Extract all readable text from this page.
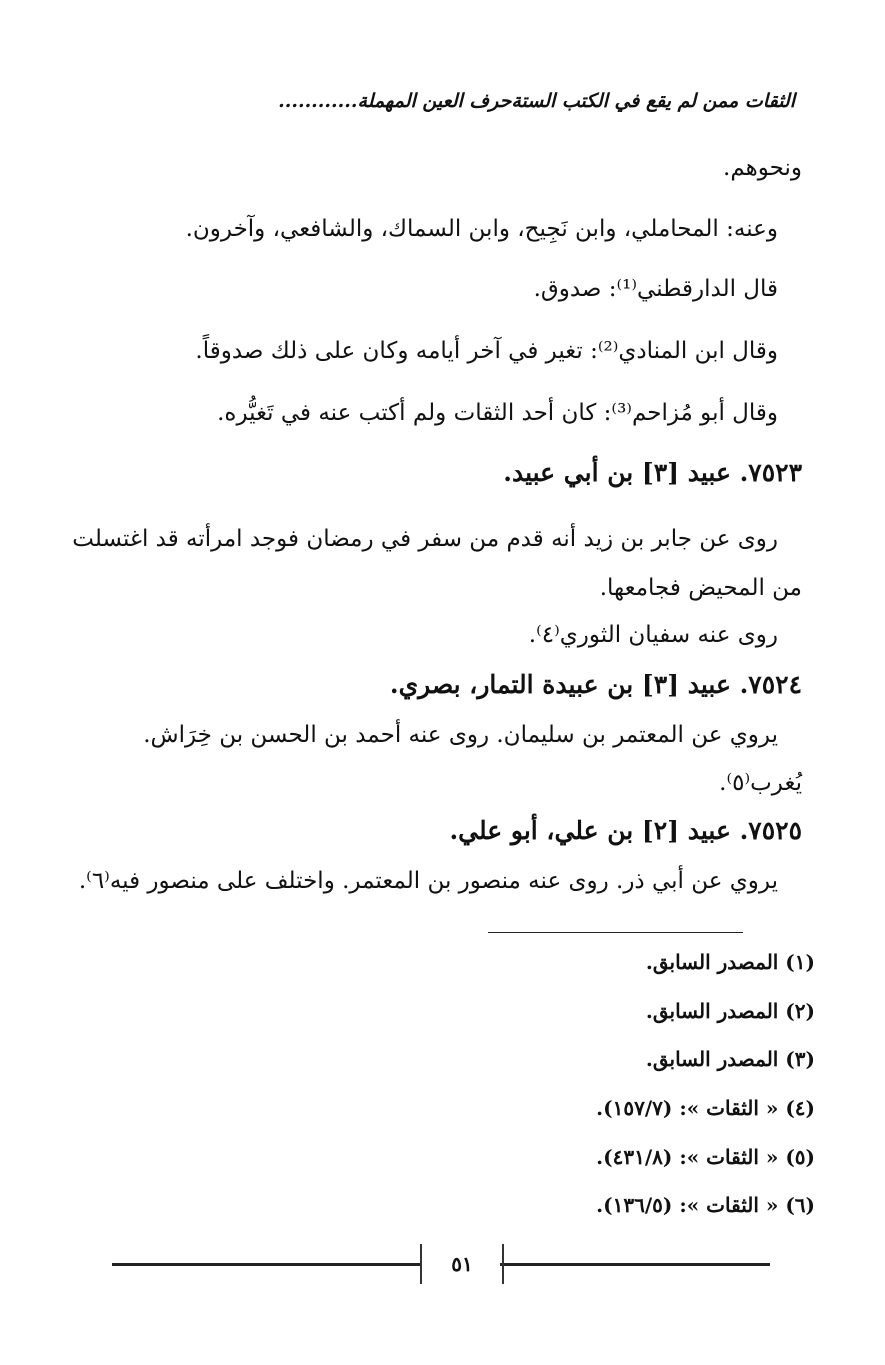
الثقات ممن لم يقع في الكتب الستةحرف العين المهملة............
ونحوهم.
وعنه: المحاملي، وابن نَجِيح، وابن السماك، والشافعي، وآخرون.
قال الدارقطني⁽¹⁾: صدوق.
وقال ابن المنادي⁽²⁾: تغير في آخر أيامه وكان على ذلك صدوقاً.
وقال أبو مُزاحم⁽³⁾: كان أحد الثقات ولم أكتب عنه في تَغيُّره.
٧٥٢٣. عبيد [٣] بن أبي عبيد.
روى عن جابر بن زيد أنه قدم من سفر في رمضان فوجد امرأته قد اغتسلت
من المحيض فجامعها.
روى عنه سفيان الثوري⁽٤⁾.
٧٥٢٤. عبيد [٣] بن عبيدة التمار، بصري.
يروي عن المعتمر بن سليمان. روى عنه أحمد بن الحسن بن خِرَاش.
يُغرب⁽٥⁾.
٧٥٢٥. عبيد [٢] بن علي، أبو علي.
يروي عن أبي ذر. روى عنه منصور بن المعتمر. واختلف على منصور فيه⁽٦⁾.
(١) المصدر السابق.
(٢) المصدر السابق.
(٣) المصدر السابق.
(٤) « الثقات »: (١٥٧/٧).
(٥) « الثقات »: (٤٣١/٨).
(٦) « الثقات »: (١٣٦/٥).
٥١
